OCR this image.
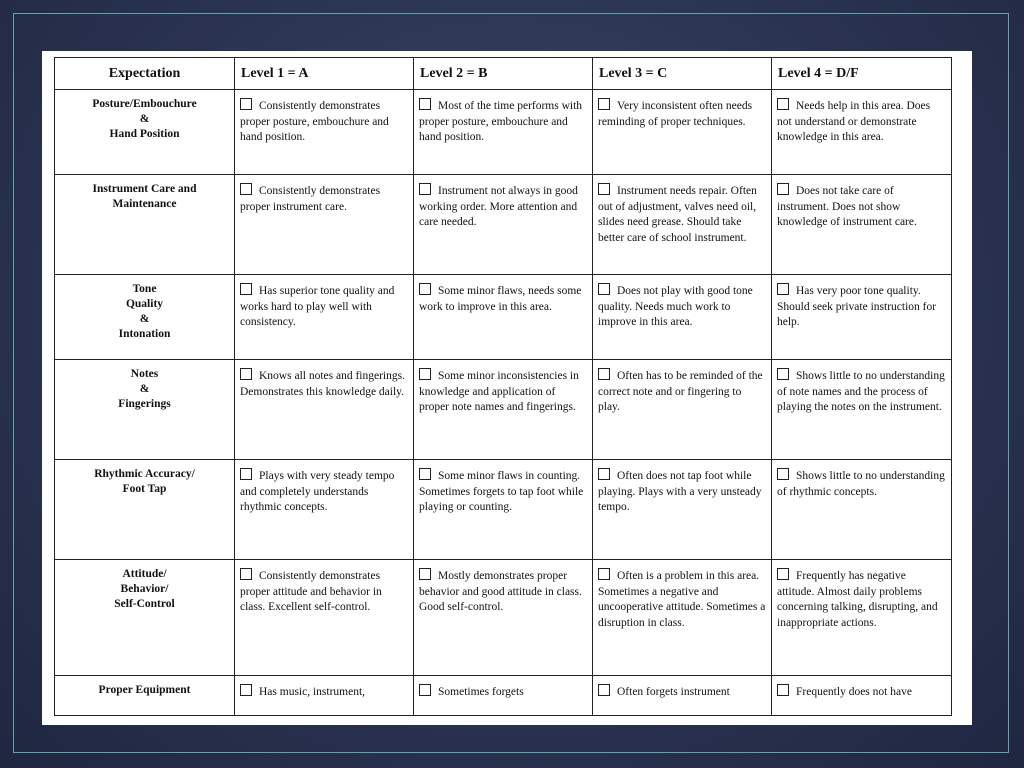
Expectation	Level 1 = A	Level 2 = B	Level 3 = C	Level 4 = D/F

Posture/Embouchure
&
Hand Position	Consistently demonstrates proper posture, embouchure and hand position.	Most of the time performs with proper posture, embouchure and hand position.	Very inconsistent often needs reminding of proper techniques.	Needs help in this area. Does not understand or demonstrate knowledge in this area.

Instrument Care and
Maintenance	Consistently demonstrates proper instrument care.	Instrument not always in good working order. More attention and care needed.	Instrument needs repair. Often out of adjustment, valves need oil, slides need grease. Should take better care of school instrument.	Does not take care of instrument. Does not show knowledge of instrument care.

Tone
Quality
&
Intonation	Has superior tone quality and works hard to play well with consistency.	Some minor flaws, needs some work to improve in this area.	Does not play with good tone quality. Needs much work to improve in this area.	Has very poor tone quality. Should seek private instruction for help.

Notes
&
Fingerings	Knows all notes and fingerings. Demonstrates this knowledge daily.	Some minor inconsistencies in knowledge and application of proper note names and fingerings.	Often has to be reminded of the correct note and or fingering to play.	Shows little to no understanding of note names and the process of playing the notes on the instrument.

Rhythmic Accuracy/
Foot Tap	Plays with very steady tempo and completely understands rhythmic concepts.	Some minor flaws in counting. Sometimes forgets to tap foot while playing or counting.	Often does not tap foot while playing. Plays with a very unsteady tempo.	Shows little to no understanding of rhythmic concepts.

Attitude/
Behavior/
Self-Control	Consistently demonstrates proper attitude and behavior in class. Excellent self-control.	Mostly demonstrates proper behavior and good attitude in class. Good self-control.	Often is a problem in this area. Sometimes a negative and uncooperative attitude. Sometimes a disruption in class.	Frequently has negative attitude. Almost daily problems concerning talking, disrupting, and inappropriate actions.

Proper Equipment	Has music, instrument,	Sometimes forgets	Often forgets instrument	Frequently does not have
